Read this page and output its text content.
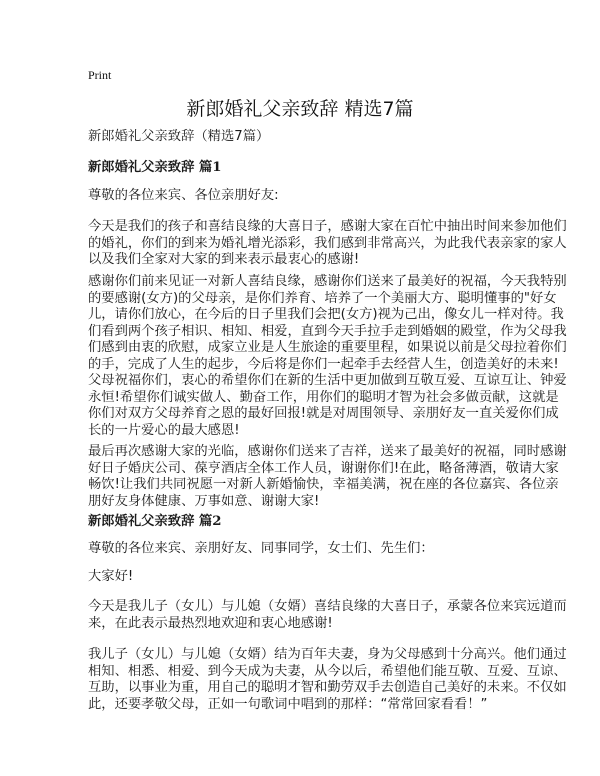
Print
新郎婚礼父亲致辞 精选7篇
新郎婚礼父亲致辞（精选7篇）
新郎婚礼父亲致辞 篇1
尊敬的各位来宾、各位亲朋好友:
今天是我们的孩子和喜结良缘的大喜日子，感谢大家在百忙中抽出时间来参加他们
的婚礼，你们的到来为婚礼增光添彩，我们感到非常高兴，为此我代表亲家的家人
以及我们全家对大家的到来表示最衷心的感谢!
感谢你们前来见证一对新人喜结良缘，感谢你们送来了最美好的祝福，今天我特别
的要感谢(女方)的父母亲，是你们养育、培养了一个美丽大方、聪明懂事的"好女
儿，请你们放心，在今后的日子里我们会把(女方)视为己出，像女儿一样对待。我
们看到两个孩子相识、相知、相爱，直到今天手拉手走到婚姻的殿堂，作为父母我
们感到由衷的欣慰，成家立业是人生旅途的重要里程，如果说以前是父母拉着你们
的手，完成了人生的起步，今后将是你们一起牵手去经营人生，创造美好的未来!
父母祝福你们，衷心的希望你们在新的生活中更加做到互敬互爱、互谅互让、钟爱
永恒!希望你们诚实做人、勤奋工作，用你们的聪明才智为社会多做贡献，这就是
你们对双方父母养育之恩的最好回报!就是对周围领导、亲朋好友一直关爱你们成
长的一片爱心的最大感恩!
最后再次感谢大家的光临，感谢你们送来了吉祥，送来了最美好的祝福，同时感谢
好日子婚庆公司、葆亨酒店全体工作人员，谢谢你们!在此，略备薄酒，敬请大家
畅饮!让我们共同祝愿一对新人新婚愉快，幸福美满，祝在座的各位嘉宾、各位亲
朋好友身体健康、万事如意、谢谢大家!
新郎婚礼父亲致辞 篇2
尊敬的各位来宾、亲朋好友、同事同学，女士们、先生们：
大家好!
今天是我儿子（女儿）与儿媳（女婿）喜结良缘的大喜日子，承蒙各位来宾远道而
来，在此表示最热烈地欢迎和衷心地感谢!
我儿子（女儿）与儿媳（女婿）结为百年夫妻，身为父母感到十分高兴。他们通过
相知、相悉、相爱、到今天成为夫妻，从今以后，希望他们能互敬、互爱、互谅、
互助，以事业为重，用自己的聪明才智和勤劳双手去创造自己美好的未来。不仅如
此，还要孝敬父母，正如一句歌词中唱到的那样：“常常回家看看！”
